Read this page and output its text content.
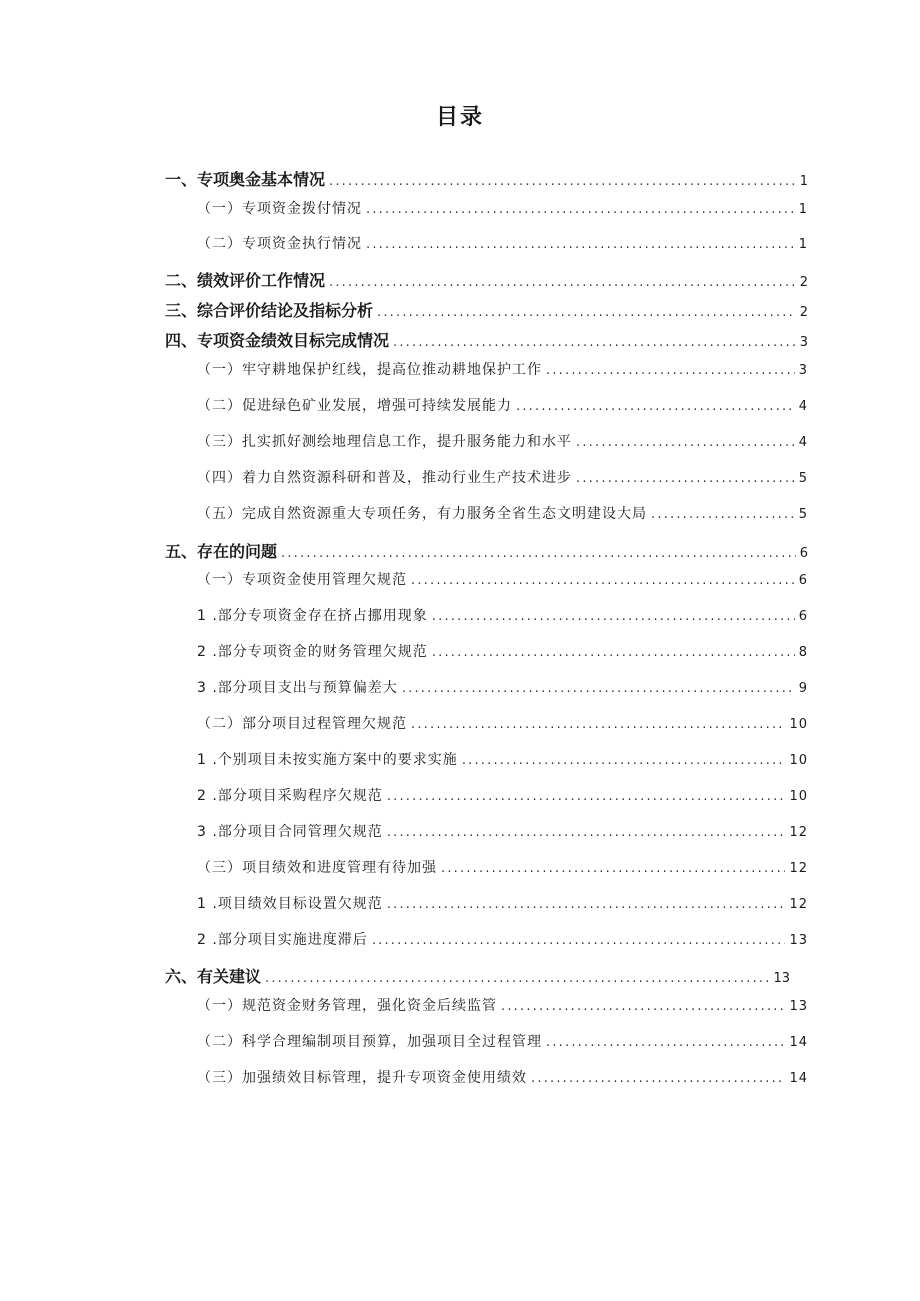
目录
一、专项奥金基本情况 .....	1
（一）专项资金拨付情况 .....	1
（二）专项资金执行情况 .....	1
二、绩效评价工作情况 .....	2
三、综合评价结论及指标分析 .....	2
四、专项资金绩效目标完成情况 .....	3
（一）牢守耕地保护红线，提高位推动耕地保护工作 .....	3
（二）促进绿色矿业发展，增强可持续发展能力 .....	4
（三）扎实抓好测绘地理信息工作，提升服务能力和水平 .....	4
（四）着力自然资源科研和普及，推动行业生产技术进步 .....	5
（五）完成自然资源重大专项任务，有力服务全省生态文明建设大局 .....	5
五、存在的问题 .....	6
（一）专项资金使用管理欠规范 .....	6
1 .部分专项资金存在挤占挪用现象 .....	6
2 .部分专项资金的财务管理欠规范 .....	8
3 .部分项目支出与预算偏差大 .....	9
（二）部分项目过程管理欠规范 .....	10
1 .个别项目未按实施方案中的要求实施 .....	10
2 .部分项目采购程序欠规范 .....	10
3 .部分项目合同管理欠规范 .....	12
（三）项目绩效和进度管理有待加强 .....	12
1 .项目绩效目标设置欠规范 .....	12
2 .部分项目实施进度滞后 .....	13
六、有关建议 .....	13
（一）规范资金财务管理，强化资金后续监管 .....	13
（二）科学合理编制项目预算，加强项目全过程管理 .....	14
（三）加强绩效目标管理，提升专项资金使用绩效 .....	14
